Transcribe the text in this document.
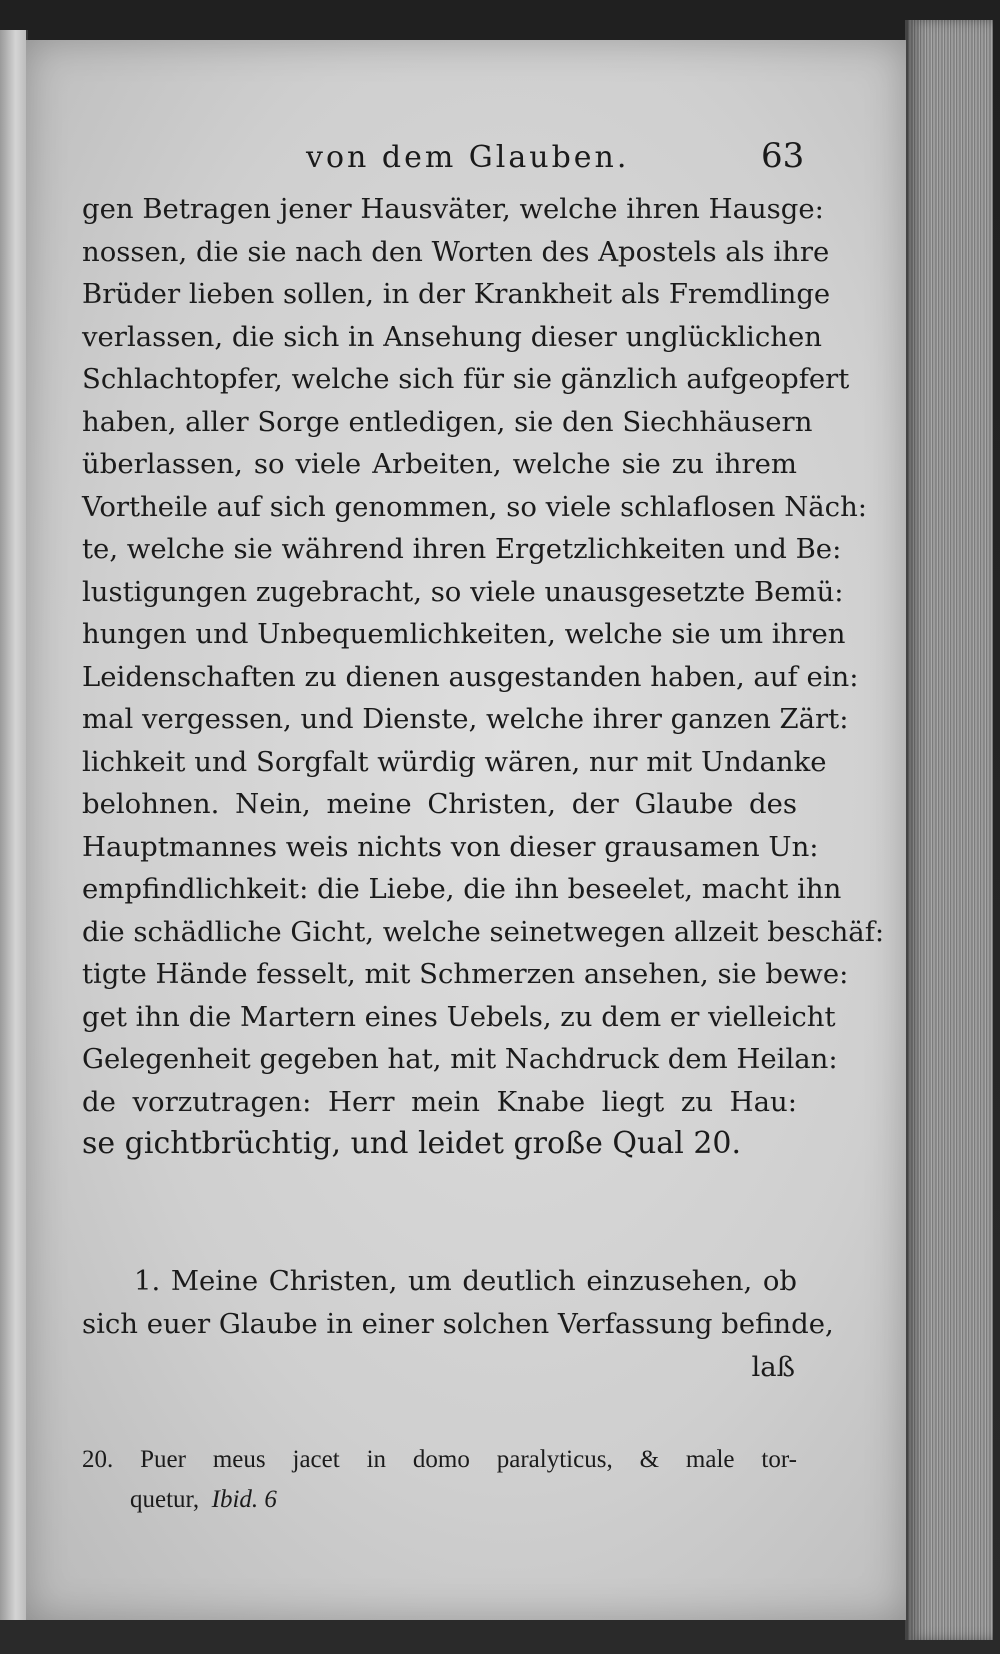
von dem Glauben.	63
gen Betragen jener Hausväter, welche ihren Hausge:
nossen, die sie nach den Worten des Apostels als ihre
Brüder lieben sollen, in der Krankheit als Fremdlinge
verlassen, die sich in Ansehung dieser unglücklichen
Schlachtopfer, welche sich für sie gänzlich aufgeopfert
haben, aller Sorge entledigen, sie den Siechhäusern
überlassen, so viele Arbeiten, welche sie zu ihrem
Vortheile auf sich genommen, so viele schlaflosen Näch:
te, welche sie während ihren Ergetzlichkeiten und Be:
lustigungen zugebracht, so viele unausgesetzte Bemü:
hungen und Unbequemlichkeiten, welche sie um ihren
Leidenschaften zu dienen ausgestanden haben, auf ein:
mal vergessen, und Dienste, welche ihrer ganzen Zärt:
lichkeit und Sorgfalt würdig wären, nur mit Undanke
belohnen. Nein, meine Christen, der Glaube des
Hauptmannes weis nichts von dieser grausamen Un:
empfindlichkeit: die Liebe, die ihn beseelet, macht ihn
die schädliche Gicht, welche seinetwegen allzeit beschäf:
tigte Hände fesselt, mit Schmerzen ansehen, sie bewe:
get ihn die Martern eines Uebels, zu dem er vielleicht
Gelegenheit gegeben hat, mit Nachdruck dem Heilan:
de vorzutragen: Herr mein Knabe liegt zu Hau:
se gichtbrüchtig, und leidet große Qual 20.
1. Meine Christen, um deutlich einzusehen, ob
sich euer Glaube in einer solchen Verfassung befinde,
laß
20. Puer meus jacet in domo paralyticus, & male tor-
quetur, Ibid. 6
